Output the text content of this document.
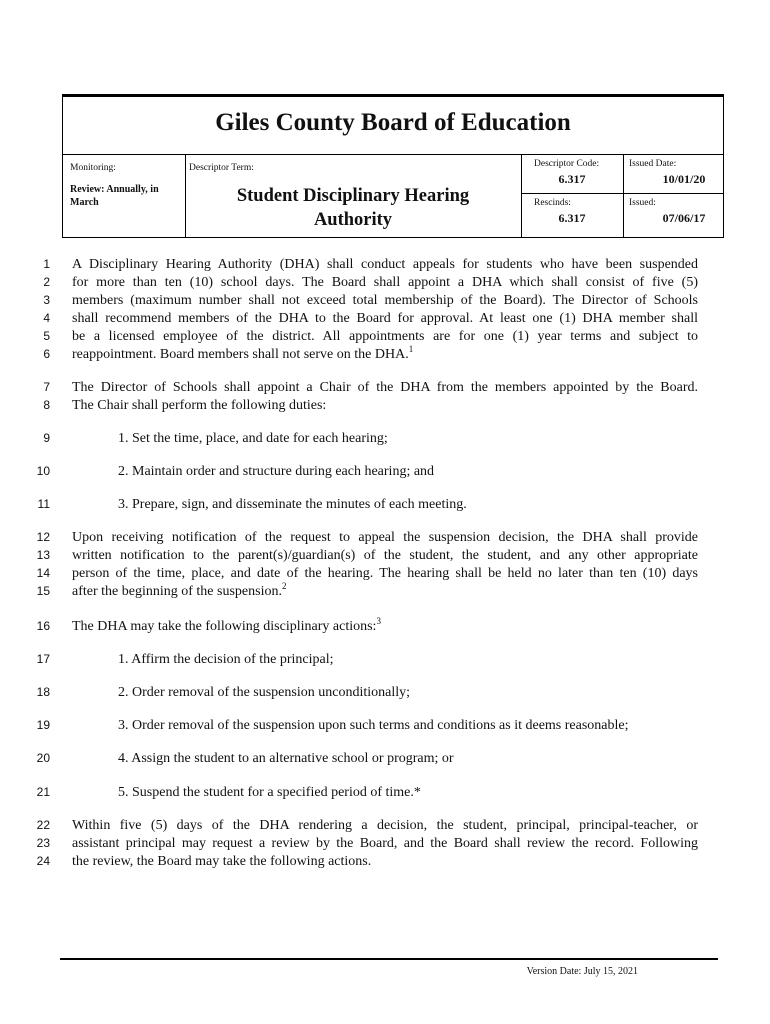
Giles County Board of Education
Monitoring:
Review: Annually, in March
Descriptor Term:
Student Disciplinary Hearing
Authority
Descriptor Code:
6.317
Issued Date:
10/01/20
Rescinds:
6.317
Issued:
07/06/17
1
2
3
4
5
6
7
8
9
10
11
12
13
14
15
16
17
18
19
20
21
22
23
24
A Disciplinary Hearing Authority (DHA) shall conduct appeals for students who have been suspended
for more than ten (10) school days. The Board shall appoint a DHA which shall consist of five (5)
members (maximum number shall not exceed total membership of the Board). The Director of Schools
shall recommend members of the DHA to the Board for approval. At least one (1) DHA member shall
be a licensed employee of the district. All appointments are for one (1) year terms and subject to
reappointment. Board members shall not serve on the DHA.$^1$
The Director of Schools shall appoint a Chair of the DHA from the members appointed by the Board.
The Chair shall perform the following duties:
1. Set the time, place, and date for each hearing;
2. Maintain order and structure during each hearing; and
3. Prepare, sign, and disseminate the minutes of each meeting.
Upon receiving notification of the request to appeal the suspension decision, the DHA shall provide
written notification to the parent(s)/guardian(s) of the student, the student, and any other appropriate
person of the time, place, and date of the hearing. The hearing shall be held no later than ten (10) days
after the beginning of the suspension.$^2$
The DHA may take the following disciplinary actions:$^3$
1. Affirm the decision of the principal;
2. Order removal of the suspension unconditionally;
3. Order removal of the suspension upon such terms and conditions as it deems reasonable;
4. Assign the student to an alternative school or program; or
5. Suspend the student for a specified period of time.*
Within five (5) days of the DHA rendering a decision, the student, principal, principal-teacher, or
assistant principal may request a review by the Board, and the Board shall review the record. Following
the review, the Board may take the following actions.
Version Date: July 15, 2021
